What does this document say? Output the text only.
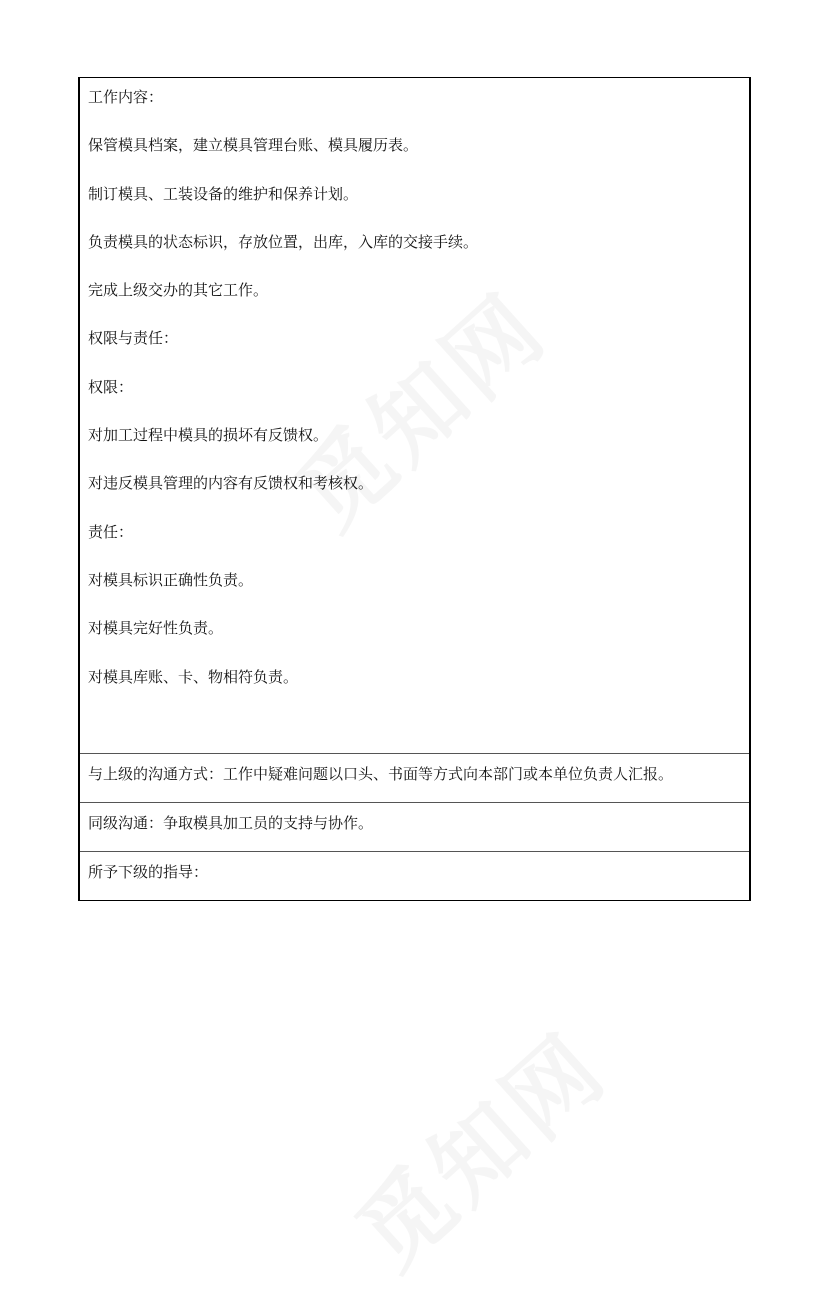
工作内容：

保管模具档案，建立模具管理台账、模具履历表。

制订模具、工装设备的维护和保养计划。

负责模具的状态标识，存放位置，出库，入库的交接手续。

完成上级交办的其它工作。

权限与责任：

权限：

对加工过程中模具的损坏有反馈权。

对违反模具管理的内容有反馈权和考核权。

责任：

对模具标识正确性负责。

对模具完好性负责。

对模具库账、卡、物相符负责。

与上级的沟通方式：工作中疑难问题以口头、书面等方式向本部门或本单位负责人汇报。
同级沟通：争取模具加工员的支持与协作。
所予下级的指导：
